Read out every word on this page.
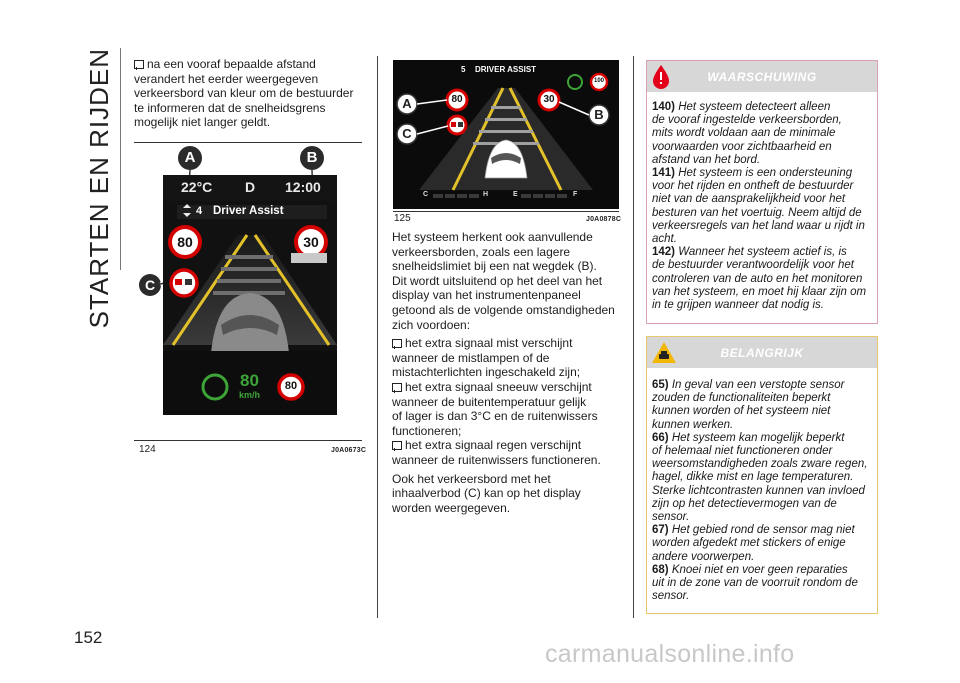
STARTEN EN RIJDEN
152
na een vooraf bepaalde afstand
verandert het eerder weergegeven
verkeersbord van kleur om de bestuurder
te informeren dat de snelheidsgrens
mogelijk niet langer geldt.
A	B
C
22°C D 12:00
4 Driver Assist
80	30
80
km/h
80
124	J0A0673C
5 DRIVER ASSIST
100
80	30
A
C
B
C	H	E	F
125	J0A0878C
Het systeem herkent ook aanvullende
verkeersborden, zoals een lagere
snelheidslimiet bij een nat wegdek (B).
Dit wordt uitsluitend op het deel van het
display van het instrumentenpaneel
getoond als de volgende omstandigheden
zich voordoen:
het extra signaal mist verschijnt
wanneer de mistlampen of de
mistachterlichten ingeschakeld zijn;
het extra signaal sneeuw verschijnt
wanneer de buitentemperatuur gelijk
of lager is dan 3°C en de ruitenwissers
functioneren;
het extra signaal regen verschijnt
wanneer de ruitenwissers functioneren.
Ook het verkeersbord met het
inhaalverbod (C) kan op het display
worden weergegeven.
WAARSCHUWING
140) Het systeem detecteert alleen
de vooraf ingestelde verkeersborden,
mits wordt voldaan aan de minimale
voorwaarden voor zichtbaarheid en
afstand van het bord.
141) Het systeem is een ondersteuning
voor het rijden en ontheft de bestuurder
niet van de aansprakelijkheid voor het
besturen van het voertuig. Neem altijd de
verkeersregels van het land waar u rijdt in
acht.
142) Wanneer het systeem actief is, is
de bestuurder verantwoordelijk voor het
controleren van de auto en het monitoren
van het systeem, en moet hij klaar zijn om
in te grijpen wanneer dat nodig is.
BELANGRIJK
65) In geval van een verstopte sensor
zouden de functionaliteiten beperkt
kunnen worden of het systeem niet
kunnen werken.
66) Het systeem kan mogelijk beperkt
of helemaal niet functioneren onder
weersomstandigheden zoals zware regen,
hagel, dikke mist en lage temperaturen.
Sterke lichtcontrasten kunnen van invloed
zijn op het detectievermogen van de
sensor.
67) Het gebied rond de sensor mag niet
worden afgedekt met stickers of enige
andere voorwerpen.
68) Knoei niet en voer geen reparaties
uit in de zone van de voorruit rondom de
sensor.
carmanualsonline.info
